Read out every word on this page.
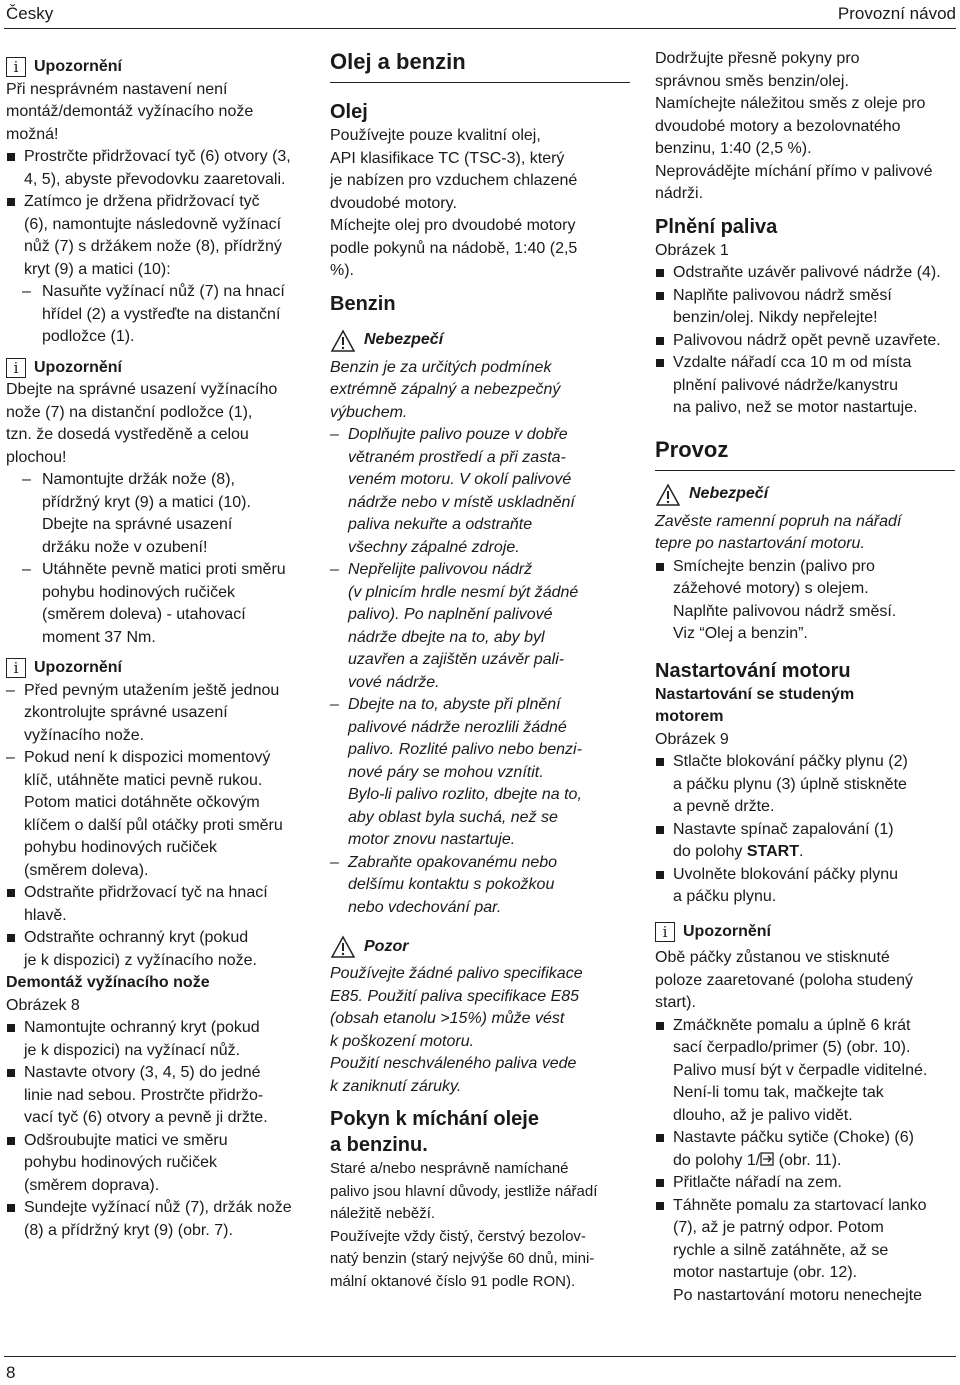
Česky	Provozní návod
i Upozornění
Při nesprávném nastavení není
montáž/demontáž vyžínacího nože
možná!
Prostrčte přidržovací tyč (6) otvory (3,
4, 5), abyste převodovku zaaretovali.
Zatímco je držena přidržovací tyč
(6), namontujte následovně vyžínací
nůž (7) s držákem nože (8), přídržný
kryt (9) a matici (10):
– Nasuňte vyžínací nůž (7) na hnací
hřídel (2) a vystřeďte na distanční
podložce (1).
i Upozornění
Dbejte na správné usazení vyžínacího
nože (7) na distanční podložce (1),
tzn. že dosedá vystředěně a celou
plochou!
– Namontujte držák nože (8),
přídržný kryt (9) a matici (10).
Dbejte na správné usazení
držáku nože v ozubení!
– Utáhněte pevně matici proti směru
pohybu hodinových ručiček
(směrem doleva) - utahovací
moment 37 Nm.
i Upozornění
– Před pevným utažením ještě jednou
zkontrolujte správné usazení
vyžínacího nože.
– Pokud není k dispozici momentový
klíč, utáhněte matici pevně rukou.
Potom matici dotáhněte očkovým
klíčem o další půl otáčky proti směru
pohybu hodinových ručiček
(směrem doleva).
Odstraňte přidržovací tyč na hnací
hlavě.
Odstraňte ochranný kryt (pokud
je k dispozici) z vyžínacího nože.
Demontáž vyžínacího nože
Obrázek 8
Namontujte ochranný kryt (pokud
je k dispozici) na vyžínací nůž.
Nastavte otvory (3, 4, 5) do jedné
linie nad sebou. Prostrčte přidržo-
vací tyč (6) otvory a pevně ji držte.
Odšroubujte matici ve směru
pohybu hodinových ručiček
(směrem doprava).
Sundejte vyžínací nůž (7), držák nože
(8) a přídržný kryt (9) (obr. 7).
Olej a benzin
Olej
Používejte pouze kvalitní olej,
API klasifikace TC (TSC-3), který
je nabízen pro vzduchem chlazené
dvoudobé motory.
Míchejte olej pro dvoudobé motory
podle pokynů na nádobě, 1:40 (2,5
%).
Benzin
Nebezpečí
Benzin je za určitých podmínek
extrémně zápalný a nebezpečný
výbuchem.
– Doplňujte palivo pouze v dobře
větraném prostředí a při zasta-
veném motoru. V okolí palivové
nádrže nebo v místě uskladnění
paliva nekuřte a odstraňte
všechny zápalné zdroje.
– Nepřelijte palivovou nádrž
(v plnicím hrdle nesmí být žádné
palivo). Po naplnění palivové
nádrže dbejte na to, aby byl
uzavřen a zajištěn uzávěr pali-
vové nádrže.
– Dbejte na to, abyste při plnění
palivové nádrže nerozlili žádné
palivo. Rozlité palivo nebo benzi-
nové páry se mohou vznítit.
Bylo-li palivo rozlito, dbejte na to,
aby oblast byla suchá, než se
motor znovu nastartuje.
– Zabraňte opakovanému nebo
delšímu kontaktu s pokožkou
nebo vdechování par.
Pozor
Používejte žádné palivo specifikace
E85. Použití paliva specifikace E85
(obsah etanolu >15%) může vést
k poškození motoru.
Použití neschváleného paliva vede
k zaniknutí záruky.
Pokyn k míchání oleje
a benzinu.
Staré a/nebo nesprávně namíchané
palivo jsou hlavní důvody, jestliže nářadí
náležitě neběží.
Používejte vždy čistý, čerstvý bezolov-
natý benzin (starý nejvýše 60 dnů, mini-
mální oktanové číslo 91 podle RON).
Dodržujte přesně pokyny pro
správnou směs benzin/olej.
Namíchejte náležitou směs z oleje pro
dvoudobé motory a bezolovnatého
benzinu, 1:40 (2,5 %).
Neprovádějte míchání přímo v palivové
nádrži.
Plnění paliva
Obrázek 1
Odstraňte uzávěr palivové nádrže (4).
Naplňte palivovou nádrž směsí
benzin/olej. Nikdy nepřelejte!
Palivovou nádrž opět pevně uzavřete.
Vzdalte nářadí cca 10 m od místa
plnění palivové nádrže/kanystru
na palivo, než se motor nastartuje.
Provoz
Nebezpečí
Zavěste ramenní popruh na nářadí
tepre po nastartování motoru.
Smíchejte benzin (palivo pro
zážehové motory) s olejem.
Naplňte palivovou nádrž směsí.
Viz “Olej a benzin”.
Nastartování motoru
Nastartování se studeným
motorem
Obrázek 9
Stlačte blokování páčky plynu (2)
a páčku plynu (3) úplně stiskněte
a pevně držte.
Nastavte spínač zapalování (1)
do polohy START.
Uvolněte blokování páčky plynu
a páčku plynu.
i Upozornění
Obě páčky zůstanou ve stisknuté
poloze zaaretované (poloha studený
start).
Zmáčkněte pomalu a úplně 6 krát
sací čerpadlo/primer (5) (obr. 10).
Palivo musí být v čerpadle viditelné.
Není-li tomu tak, mačkejte tak
dlouho, až je palivo vidět.
Nastavte páčku sytiče (Choke) (6)
do polohy 1/ (obr. 11).
Přitlačte nářadí na zem.
Táhněte pomalu za startovací lanko
(7), až je patrný odpor. Potom
rychle a silně zatáhněte, až se
motor nastartuje (obr. 12).
Po nastartování motoru nenechejte
8
